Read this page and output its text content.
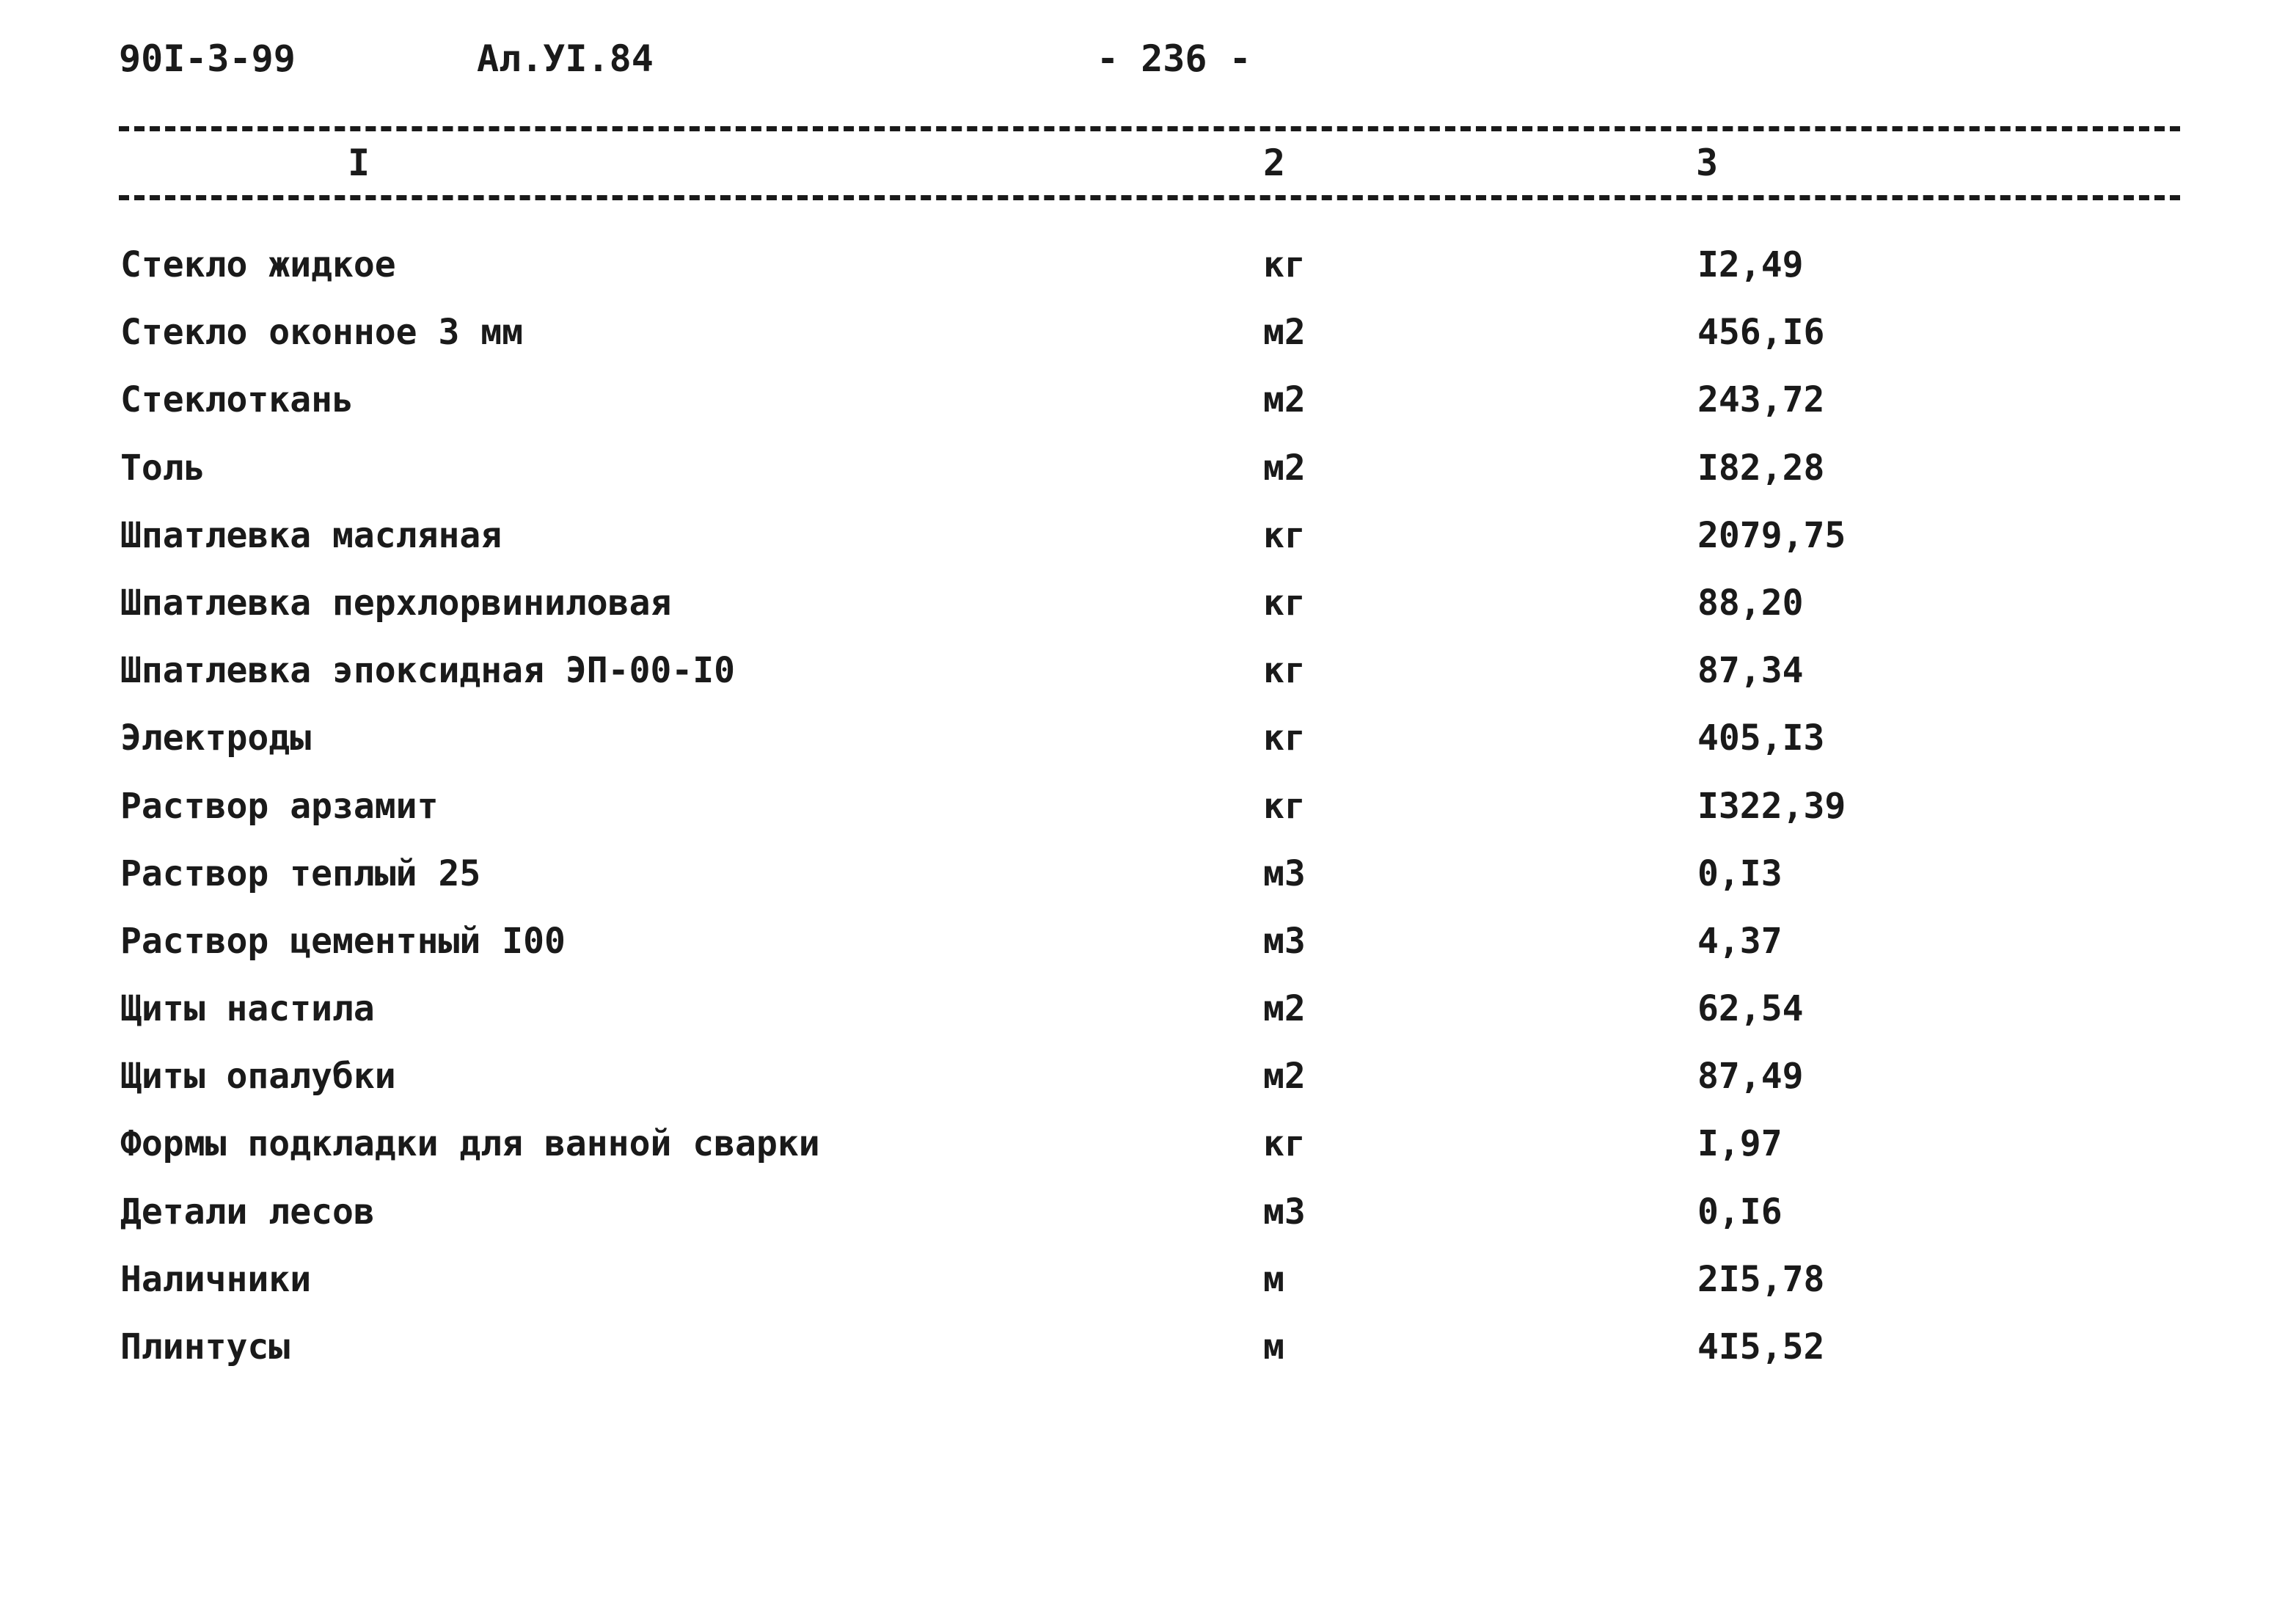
90I-3-99	Ал.УI.84	- 236 -
I	2	3
Стекло жидкое	кг	I2,49
Стекло оконное 3 мм	м2	456,I6
Стеклоткань	м2	243,72
Толь	м2	I82,28
Шпатлевка масляная	кг	2079,75
Шпатлевка перхлорвиниловая	кг	88,20
Шпатлевка эпоксидная ЭП-00-I0	кг	87,34
Электроды	кг	405,I3
Раствор арзамит	кг	I322,39
Раствор теплый 25	м3	0,I3
Раствор цементный I00	м3	4,37
Щиты настила	м2	62,54
Щиты опалубки	м2	87,49
Формы подкладки для ванной сварки	кг	I,97
Детали лесов	м3	0,I6
Наличники	м	2I5,78
Плинтусы	м	4I5,52
